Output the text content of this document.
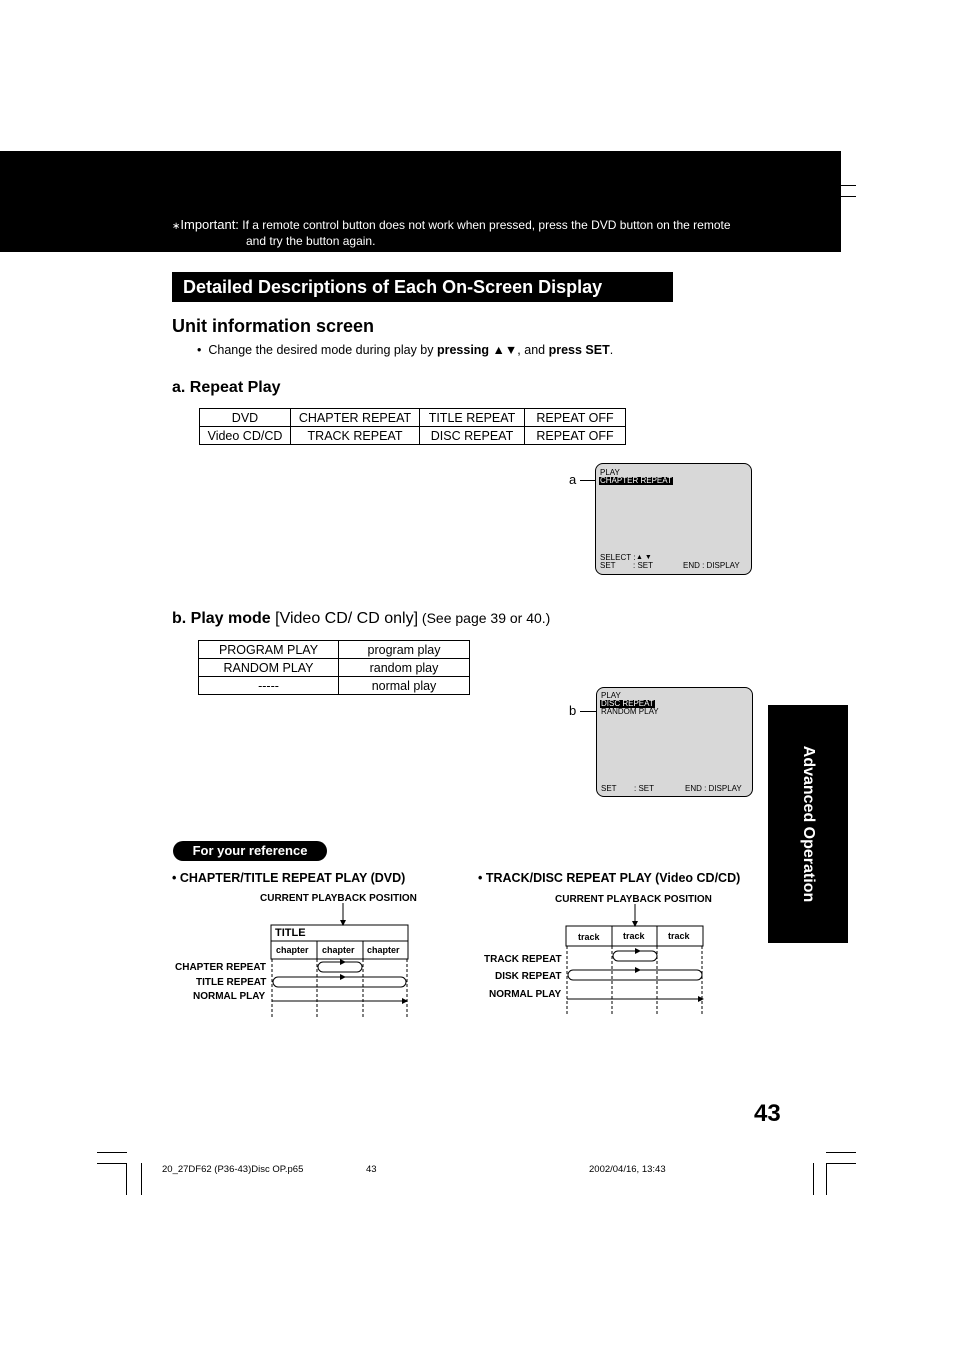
∗Important: If a remote control button does not work when pressed, press the DVD button on the remote
and try the button again.
Detailed Descriptions of Each On-Screen Display
Unit information screen
• Change the desired mode during play by pressing ▲▼, and press SET.
a. Repeat Play
DVD	CHAPTER REPEAT	TITLE REPEAT	REPEAT OFF
Video CD/CD	TRACK REPEAT	DISC REPEAT	REPEAT OFF
a	PLAY
CHAPTER REPEAT
SELECT : ▲ ▼
SET : SET	END : DISPLAY
b. Play mode [Video CD/ CD only] (See page 39 or 40.)
PROGRAM PLAY	program play
RANDOM PLAY	random play
-----	normal play
b
PLAY
DISC REPEAT
RANDOM PLAY
SET : SET	END : DISPLAY	Advanced Operation
For your reference
• CHAPTER/TITLE REPEAT PLAY (DVD)	• TRACK/DISC REPEAT PLAY (Video CD/CD)
CURRENT PLAYBACK POSITION
TITLE
chapter chapter chapter
CHAPTER REPEAT
TITLE REPEAT
NORMAL PLAY
CURRENT PLAYBACK POSITION
track	track	track
TRACK REPEAT
DISK REPEAT
NORMAL PLAY
43
20_27DF62 (P36-43)Disc OP.p65	43	2002/04/16, 13:43
